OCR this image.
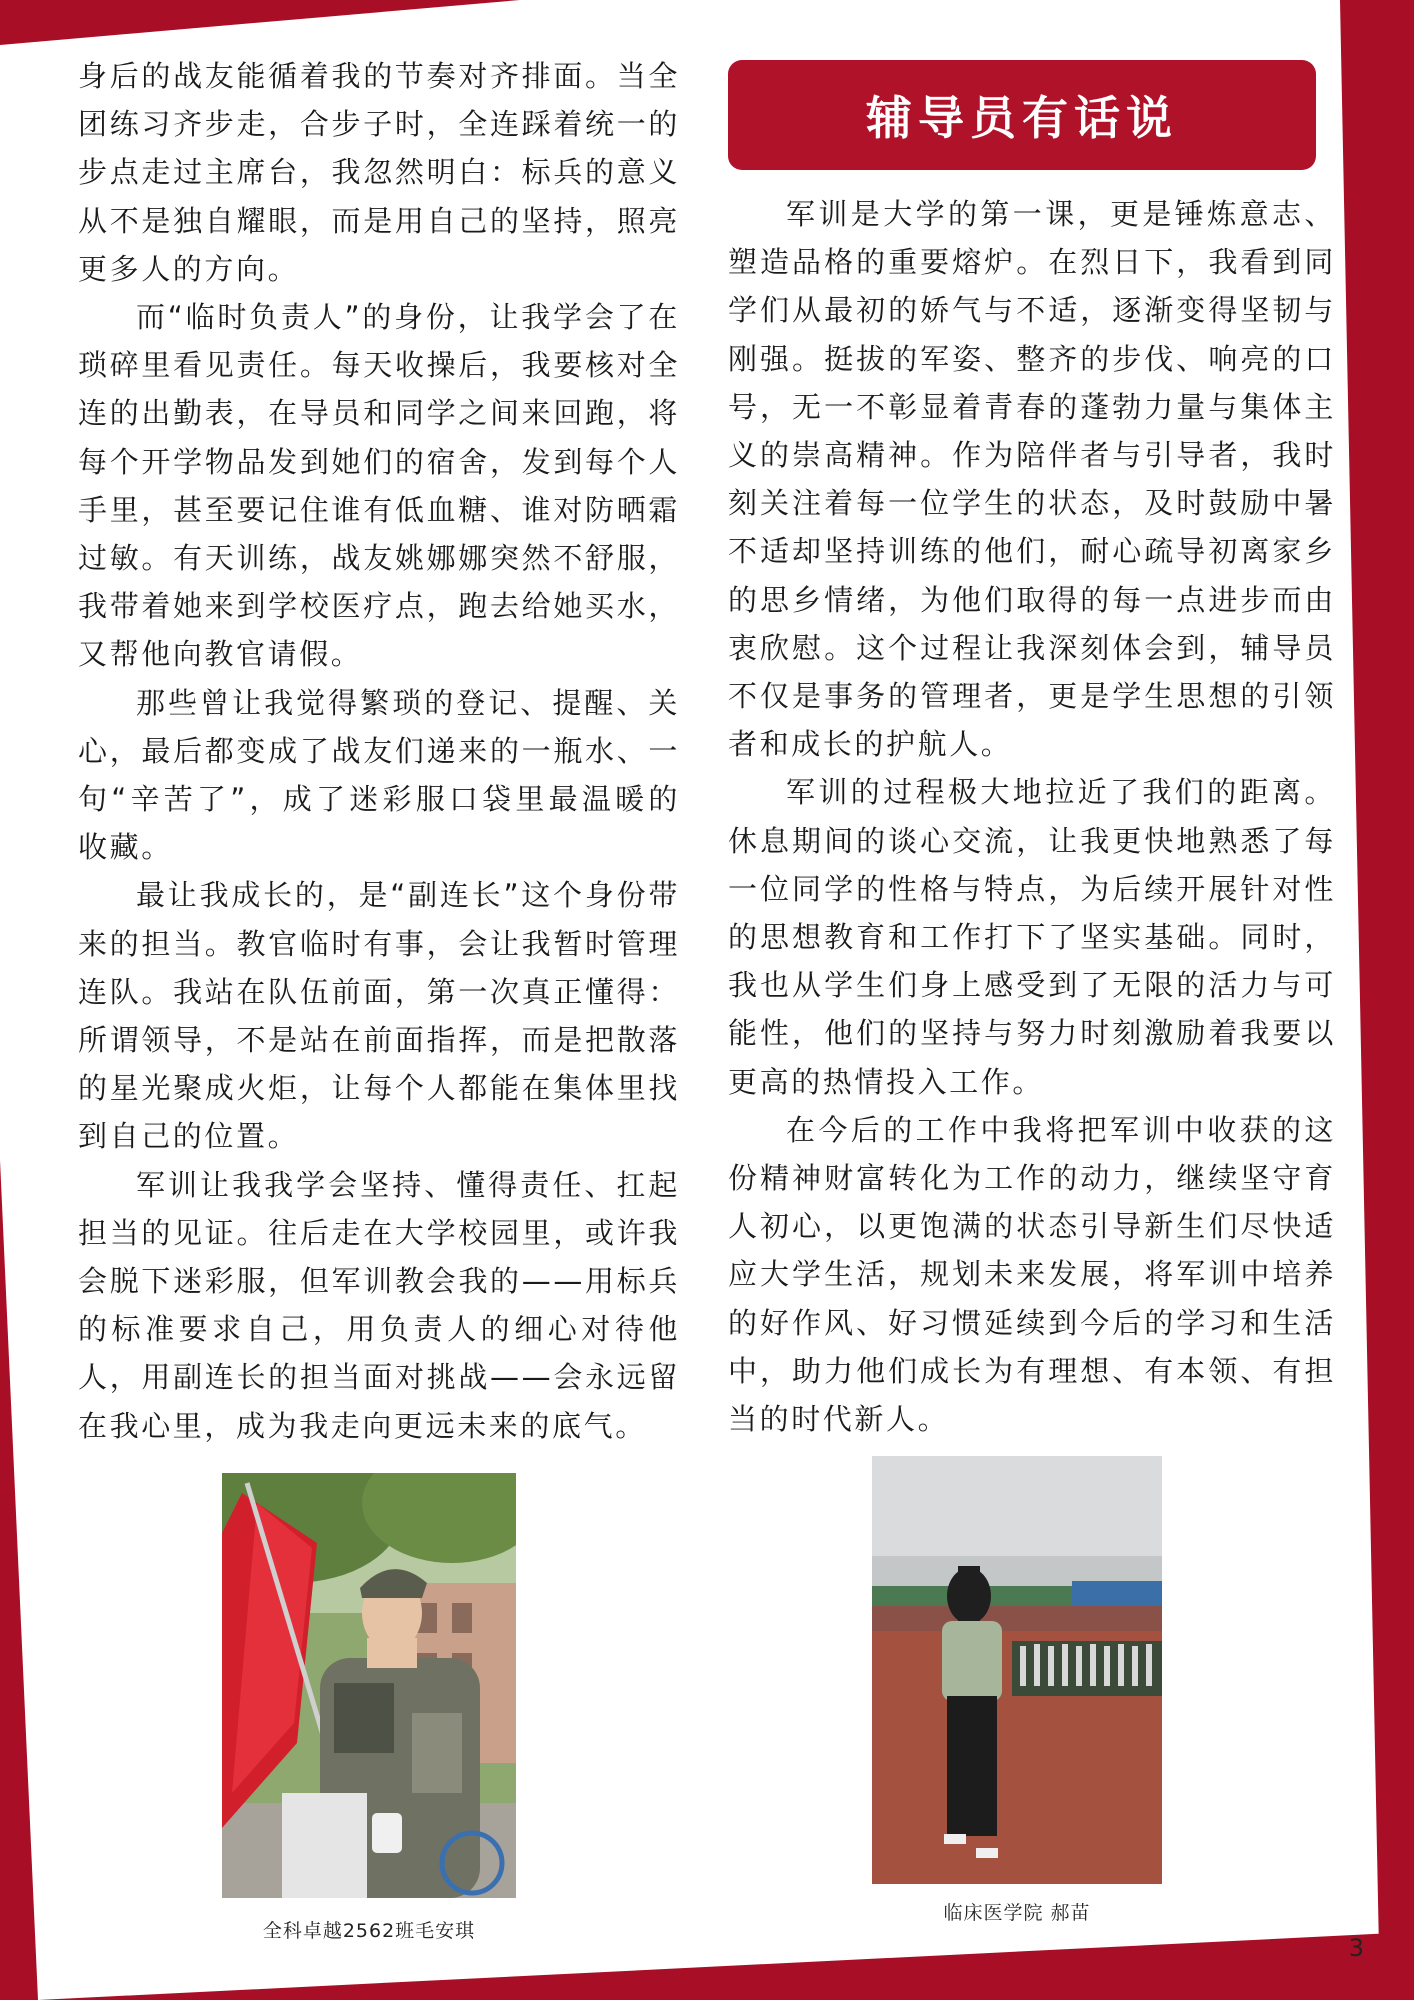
身后的战友能循着我的节奏对齐排面。当全团练习齐步走，合步子时，全连踩着统一的步点走过主席台，我忽然明白：标兵的意义从不是独自耀眼，而是用自己的坚持，照亮更多人的方向。

而“临时负责人”的身份，让我学会了在琐碎里看见责任。每天收操后，我要核对全连的出勤表，在导员和同学之间来回跑，将每个开学物品发到她们的宿舍，发到每个人手里，甚至要记住谁有低血糖、谁对防晒霜过敏。有天训练，战友姚娜娜突然不舒服，我带着她来到学校医疗点，跑去给她买水，又帮他向教官请假。

那些曾让我觉得繁琐的登记、提醒、关心，最后都变成了战友们递来的一瓶水、一句“辛苦了”，成了迷彩服口袋里最温暖的收藏。

最让我成长的，是“副连长”这个身份带来的担当。教官临时有事，会让我暂时管理连队。我站在队伍前面，第一次真正懂得：所谓领导，不是站在前面指挥，而是把散落的星光聚成火炬，让每个人都能在集体里找到自己的位置。

军训让我我学会坚持、懂得责任、扛起担当的见证。往后走在大学校园里，或许我会脱下迷彩服，但军训教会我的——用标兵的标准要求自己，用负责人的细心对待他人，用副连长的担当面对挑战——会永远留在我心里，成为我走向更远未来的底气。

全科卓越2562班毛安琪
辅导员有话说

军训是大学的第一课，更是锤炼意志、塑造品格的重要熔炉。在烈日下，我看到同学们从最初的娇气与不适，逐渐变得坚韧与刚强。挺拔的军姿、整齐的步伐、响亮的口号，无一不彰显着青春的蓬勃力量与集体主义的崇高精神。作为陪伴者与引导者，我时刻关注着每一位学生的状态，及时鼓励中暑不适却坚持训练的他们，耐心疏导初离家乡的思乡情绪，为他们取得的每一点进步而由衷欣慰。这个过程让我深刻体会到，辅导员不仅是事务的管理者，更是学生思想的引领者和成长的护航人。

军训的过程极大地拉近了我们的距离。休息期间的谈心交流，让我更快地熟悉了每一位同学的性格与特点，为后续开展针对性的思想教育和工作打下了坚实基础。同时，我也从学生们身上感受到了无限的活力与可能性，他们的坚持与努力时刻激励着我要以更高的热情投入工作。

在今后的工作中我将把军训中收获的这份精神财富转化为工作的动力，继续坚守育人初心，以更饱满的状态引导新生们尽快适应大学生活，规划未来发展，将军训中培养的好作风、好习惯延续到今后的学习和生活中，助力他们成长为有理想、有本领、有担当的时代新人。

临床医学院 郝苗
3
